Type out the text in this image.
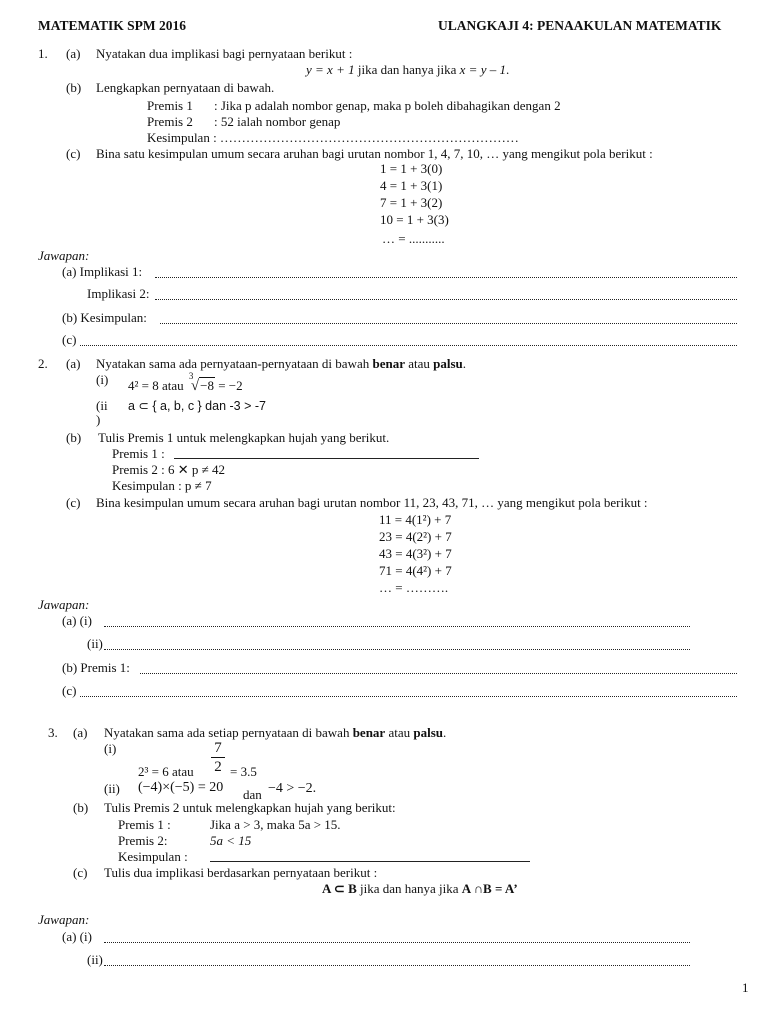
MATEMATIK SPM 2016	ULANGKAJI 4: PENAAKULAN MATEMATIK
1. (a) Nyatakan dua implikasi bagi pernyataan berikut :
y = x + 1 jika dan hanya jika x = y – 1.
(b) Lengkapkan pernyataan di bawah.
Premis 1 : Jika p adalah nombor genap, maka p boleh dibahagikan dengan 2
Premis 2 : 52 ialah nombor genap
Kesimpulan : ……………………………………………………………
(c) Bina satu kesimpulan umum secara aruhan bagi urutan nombor 1, 4, 7, 10, … yang mengikut pola berikut :
1 = 1 + 3(0)
4 = 1 + 3(1)
7 = 1 + 3(2)
10 = 1 + 3(3)
… = ...........
Jawapan:
(a) Implikasi 1:
Implikasi 2:
(b) Kesimpulan:
(c)
2. (a) Nyatakan sama ada pernyataan-pernyataan di bawah benar atau palsu.
(i) 4² = 8 atau
3
√−8 = −2
(ii
)
a ⊂ { a, b, c } dan -3 > -7
(b) Tulis Premis 1 untuk melengkapkan hujah yang berikut.
Premis 1 :
Premis 2 : 6 ✕ p ≠ 42
Kesimpulan : p ≠ 7
(c) Bina kesimpulan umum secara aruhan bagi urutan nombor 11, 23, 43, 71, … yang mengikut pola berikut :
11 = 4(1²) + 7
23 = 4(2²) + 7
43 = 4(3²) + 7
71 = 4(4²) + 7
… = ……….
Jawapan:
(a) (i)
(ii)
(b) Premis 1:
(c)
3. (a) Nyatakan sama ada setiap pernyataan di bawah benar atau palsu.
(i)
2³ = 6 atau
7
2 = 3.5
(ii) (−4)×(−5) = 20 dan −4 > −2.
(b) Tulis Premis 2 untuk melengkapkan hujah yang berikut:
Premis 1 :	Jika a > 3, maka 5a > 15.
Premis 2:	5a < 15
Kesimpulan :
(c) Tulis dua implikasi berdasarkan pernyataan berikut :
A ⊂ B jika dan hanya jika A ∩B = A’
Jawapan:
(a) (i)
(ii)
1
